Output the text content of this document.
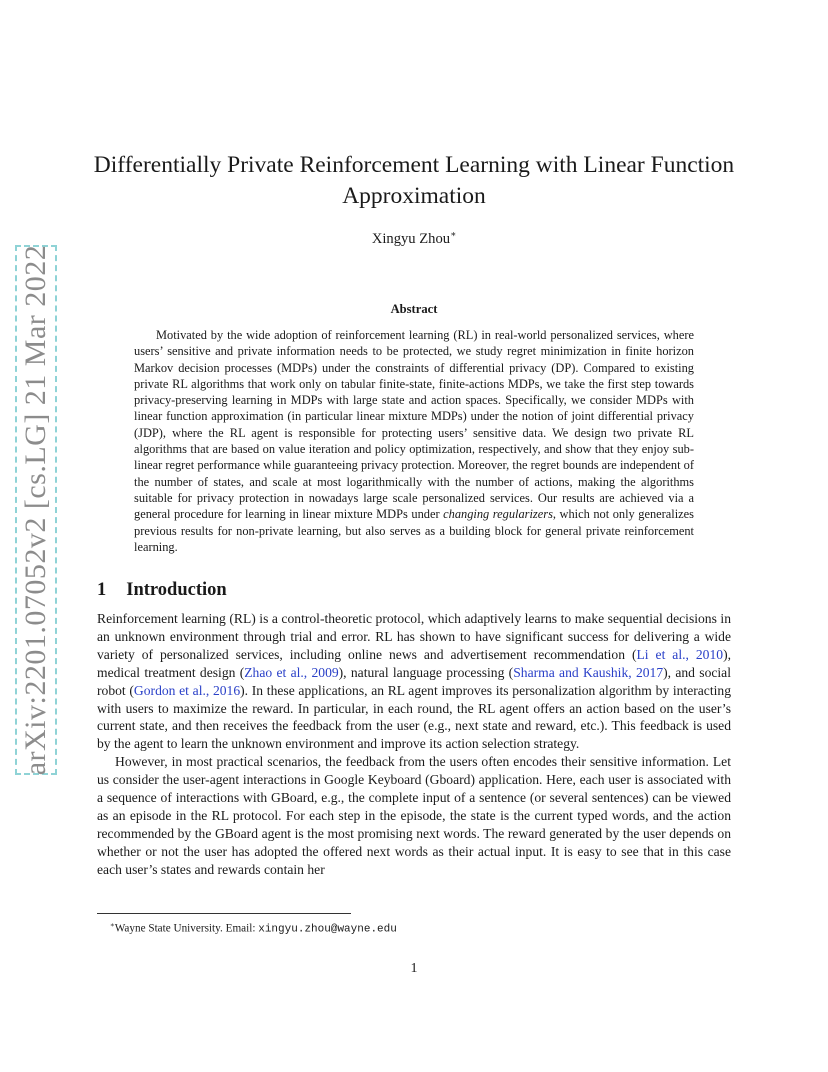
arXiv:2201.07052v2 [cs.LG] 21 Mar 2022
Differentially Private Reinforcement Learning with Linear Function Approximation
Xingyu Zhou∗
Abstract

Motivated by the wide adoption of reinforcement learning (RL) in real-world personalized services, where users’ sensitive and private information needs to be protected, we study regret minimization in finite horizon Markov decision processes (MDPs) under the constraints of differential privacy (DP). Compared to existing private RL algorithms that work only on tabular finite-state, finite-actions MDPs, we take the first step towards privacy-preserving learning in MDPs with large state and action spaces. Specifically, we consider MDPs with linear function approximation (in particular linear mixture MDPs) under the notion of joint differential privacy (JDP), where the RL agent is responsible for protecting users’ sensitive data. We design two private RL algorithms that are based on value iteration and policy optimization, respectively, and show that they enjoy sub-linear regret performance while guaranteeing privacy protection. Moreover, the regret bounds are independent of the number of states, and scale at most logarithmically with the number of actions, making the algorithms suitable for privacy protection in nowadays large scale personalized services. Our results are achieved via a general procedure for learning in linear mixture MDPs under changing regularizers, which not only generalizes previous results for non-private learning, but also serves as a building block for general private reinforcement learning.

1 Introduction

Reinforcement learning (RL) is a control-theoretic protocol, which adaptively learns to make sequential decisions in an unknown environment through trial and error. RL has shown to have significant success for delivering a wide variety of personalized services, including online news and advertisement recommendation (Li et al., 2010), medical treatment design (Zhao et al., 2009), natural language processing (Sharma and Kaushik, 2017), and social robot (Gordon et al., 2016). In these applications, an RL agent improves its personalization algorithm by interacting with users to maximize the reward. In particular, in each round, the RL agent offers an action based on the user’s current state, and then receives the feedback from the user (e.g., next state and reward, etc.). This feedback is used by the agent to learn the unknown environment and improve its action selection strategy.

However, in most practical scenarios, the feedback from the users often encodes their sensitive information. Let us consider the user-agent interactions in Google Keyboard (Gboard) application. Here, each user is associated with a sequence of interactions with GBoard, e.g., the complete input of a sentence (or several sentences) can be viewed as an episode in the RL protocol. For each step in the episode, the state is the current typed words, and the action recommended by the GBoard agent is the most promising next words. The reward generated by the user depends on whether or not the user has adopted the offered next words as their actual input. It is easy to see that in this case each user’s states and rewards contain her

∗Wayne State University. Email: xingyu.zhou@wayne.edu
1
